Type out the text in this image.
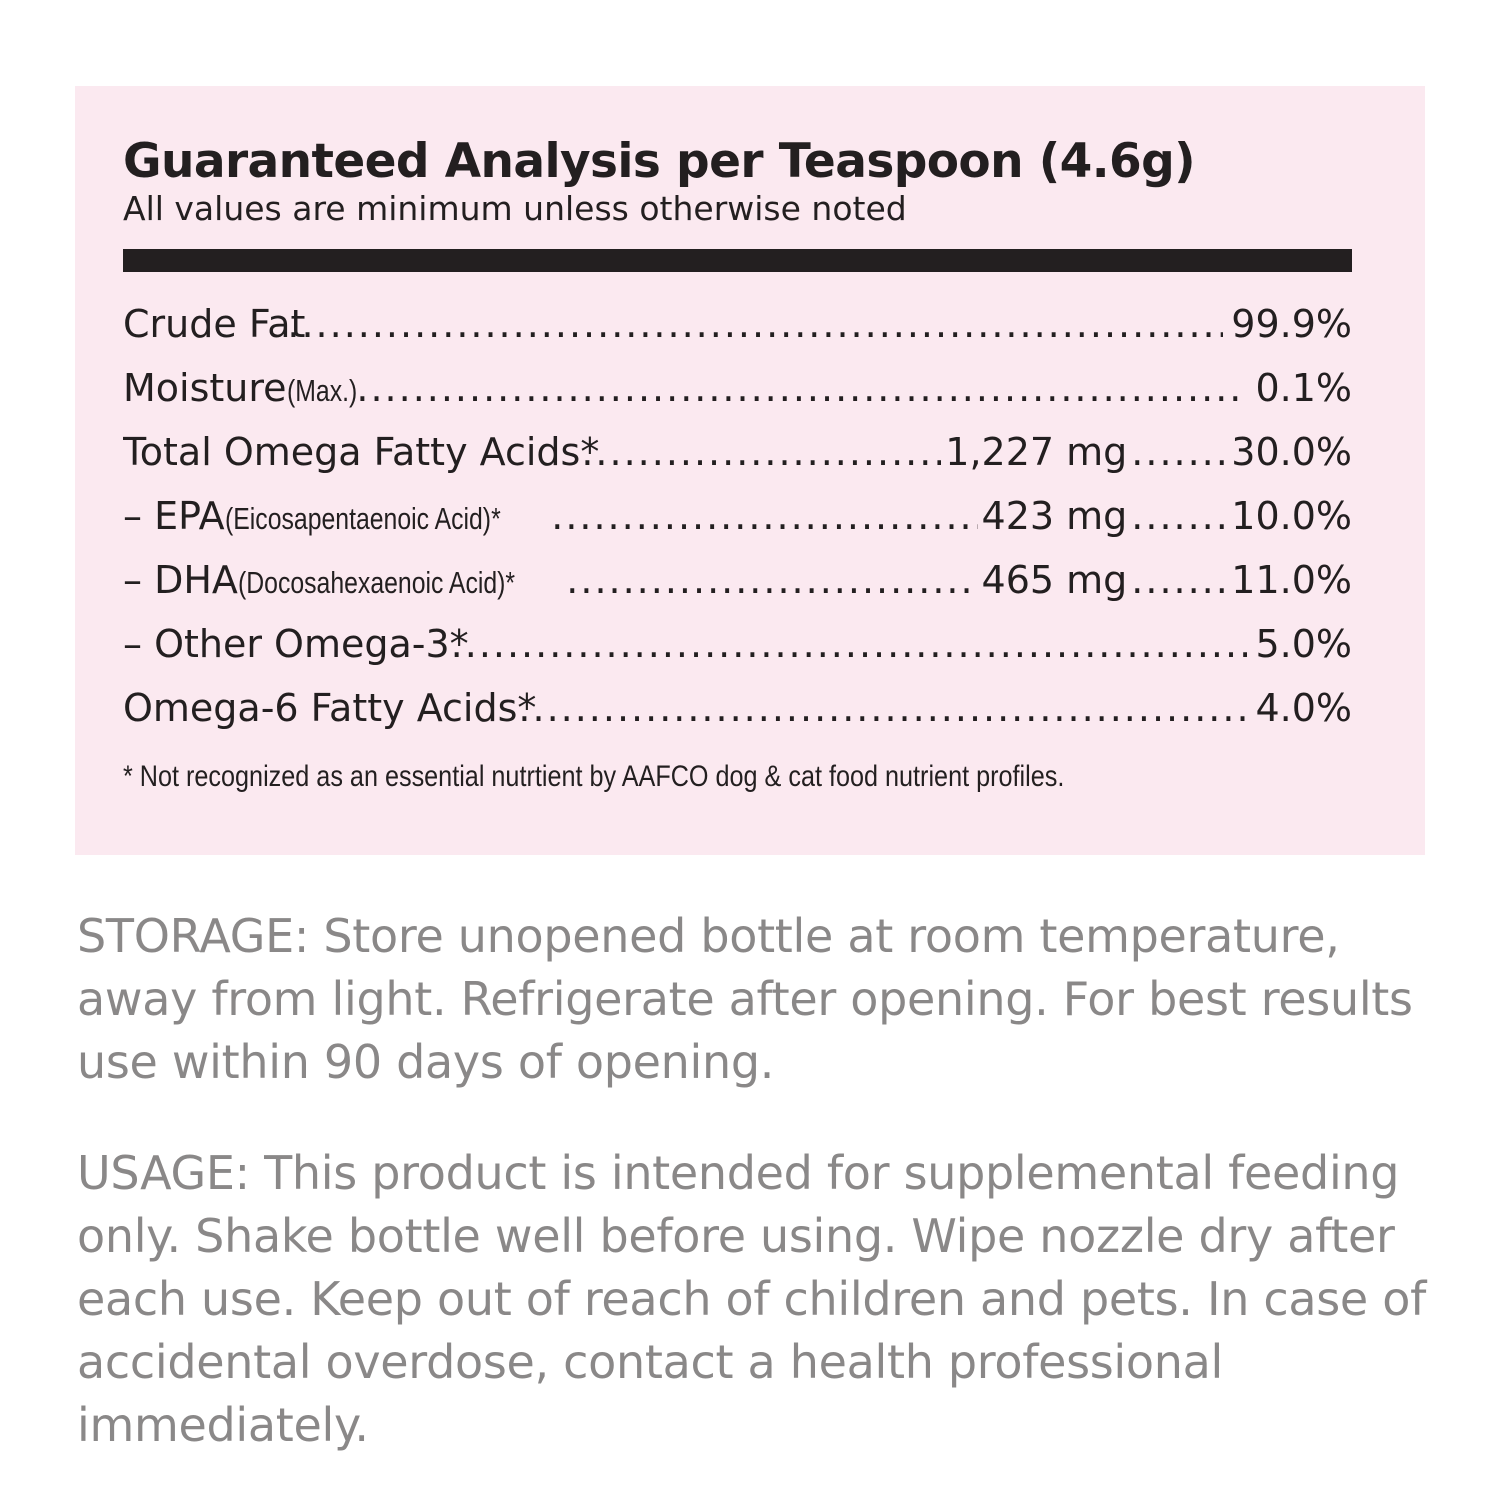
Guaranteed Analysis per Teaspoon (4.6g)
All values are minimum unless otherwise noted
Crude Fat .....	99.9%
Moisture (Max.) .....	0.1%
Total Omega Fatty Acids* .....	1,227 mg .....	30.0%
– EPA (Eicosapentaenoic Acid)* .....	423 mg .....	10.0%
– DHA (Docosahexaenoic Acid)* .....	465 mg .....	11.0%
– Other Omega-3* .....	5.0%
Omega-6 Fatty Acids* .....	4.0%
* Not recognized as an essential nutrtient by AAFCO dog & cat food nutrient profiles.

STORAGE: Store unopened bottle at room temperature, away from light. Refrigerate after opening. For best results use within 90 days of opening.

USAGE: This product is intended for supplemental feeding only. Shake bottle well before using. Wipe nozzle dry after each use. Keep out of reach of children and pets. In case of accidental overdose, contact a health professional immediately.
